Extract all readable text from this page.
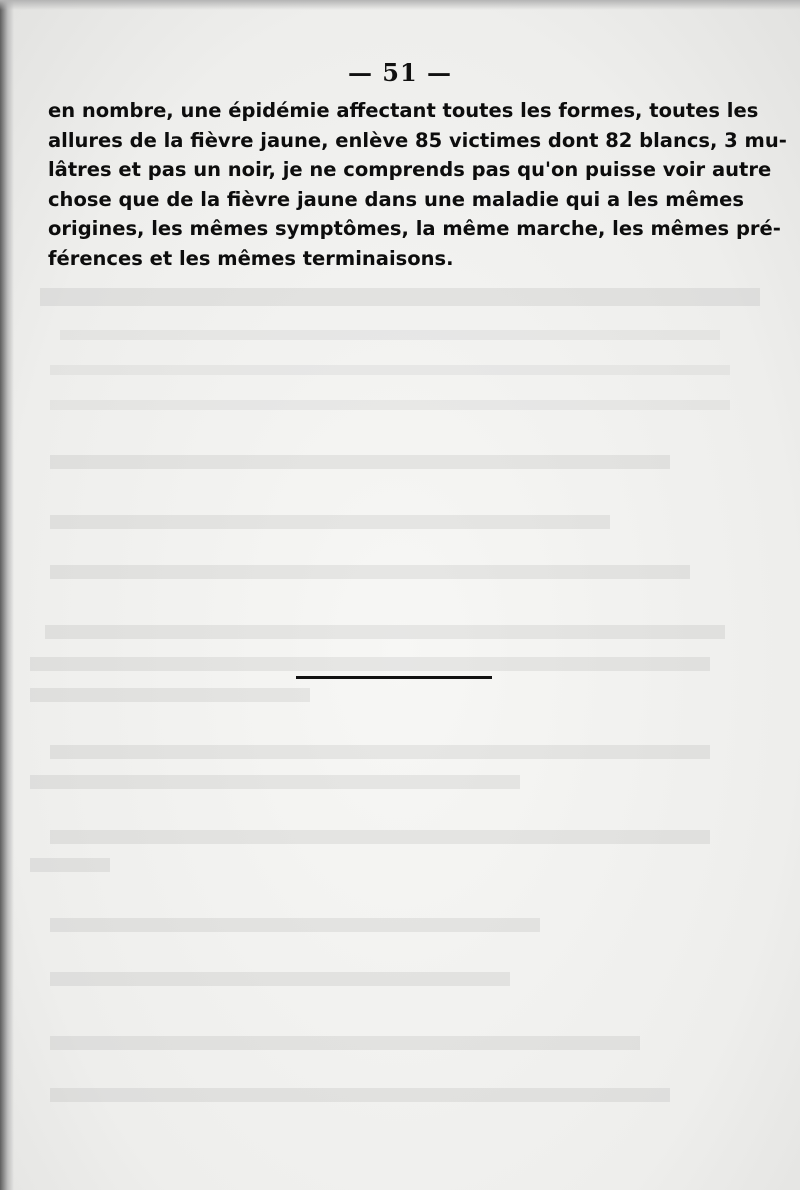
— 51 —

en nombre, une épidémie affectant toutes les formes, toutes les
allures de la fièvre jaune, enlève 85 victimes dont 82 blancs, 3 mu-
lâtres et pas un noir, je ne comprends pas qu'on puisse voir autre
chose que de la fièvre jaune dans une maladie qui a les mêmes
origines, les mêmes symptômes, la même marche, les mêmes pré-
férences et les mêmes terminaisons.
